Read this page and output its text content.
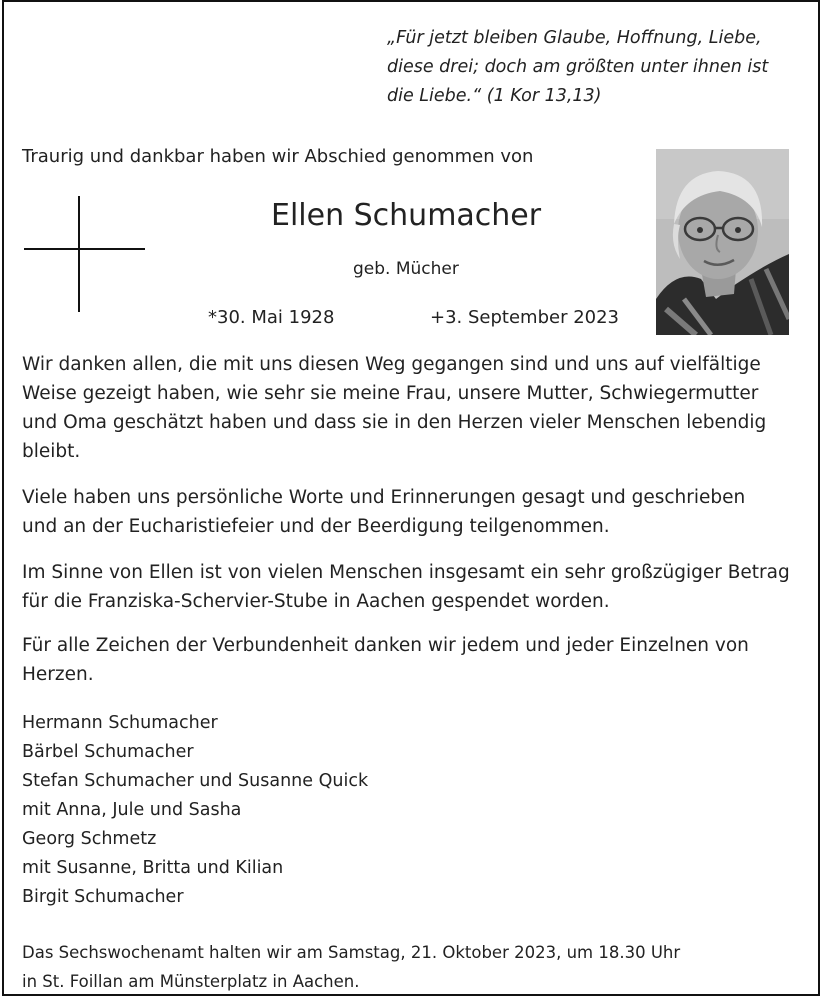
„Für jetzt bleiben Glaube, Hoffnung, Liebe,
diese drei; doch am größten unter ihnen ist
die Liebe.“ (1 Kor 13,13)
Traurig und dankbar haben wir Abschied genommen von
Ellen Schumacher
geb. Mücher
*30. Mai 1928	+3. September 2023
Wir danken allen, die mit uns diesen Weg gegangen sind und uns auf vielfältige
Weise gezeigt haben, wie sehr sie meine Frau, unsere Mutter, Schwiegermutter
und Oma geschätzt haben und dass sie in den Herzen vieler Menschen lebendig
bleibt.
Viele haben uns persönliche Worte und Erinnerungen gesagt und geschrieben
und an der Eucharistiefeier und der Beerdigung teilgenommen.
Im Sinne von Ellen ist von vielen Menschen insgesamt ein sehr großzügiger Betrag
für die Franziska-Schervier-Stube in Aachen gespendet worden.
Für alle Zeichen der Verbundenheit danken wir jedem und jeder Einzelnen von
Herzen.
Hermann Schumacher
Bärbel Schumacher
Stefan Schumacher und Susanne Quick
mit Anna, Jule und Sasha
Georg Schmetz
mit Susanne, Britta und Kilian
Birgit Schumacher
Das Sechswochenamt halten wir am Samstag, 21. Oktober 2023, um 18.30 Uhr
in St. Foillan am Münsterplatz in Aachen.
